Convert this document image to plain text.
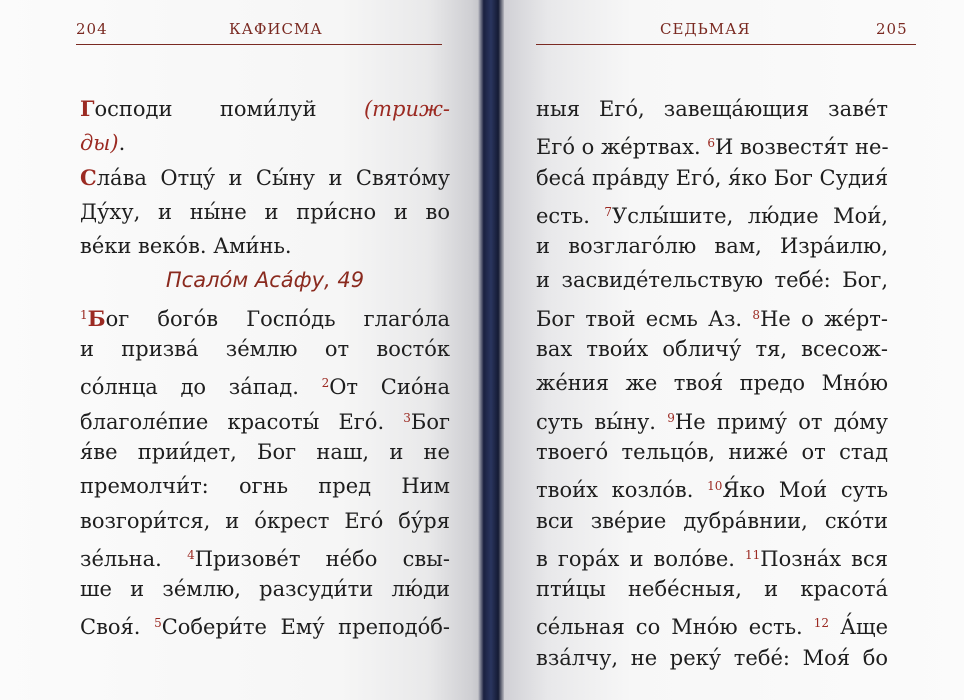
204	КАФИСМА
Господи поми́луй (триж-
ды).
Сла́ва Отцу́ и Сы́ну и Свято́му
Ду́ху, и ны́не и при́сно и во
ве́ки веко́в. Ами́нь.
Псало́м Аса́фу, 49
$^1$Бог бого́в Госпо́дь глаго́ла
и призва́ зе́млю от восто́к
со́лнца до за́пад. $^2$От Сио́на
благоле́пие красоты́ Его́. $^3$Бог
я́ве прии́дет, Бог наш, и не
премолчи́т: огнь пред Ним
возгори́тся, и о́крест Его́ бу́ря
зе́льна. $^4$Призове́т не́бо свы-
ше и зе́млю, разсуди́ти лю́ди
Своя́. $^5$Собери́те Ему́ преподо́б-
СЕДЬМАЯ	205
ныя Его́, завеща́ющия заве́т
Его́ о же́ртвах. $^6$И возвестя́т не-
беса́ пра́вду Его́, я́ко Бог Судия́
есть. $^7$Услы́шите, лю́дие Мои́,
и возглаго́лю вам, Изра́илю,
и засвиде́тельствую тебе́: Бог,
Бог твой есмь Аз. $^8$Не о же́рт-
вах твои́х обличу́ тя, всесож-
же́ния же твоя́ предо Мно́ю
суть вы́ну. $^9$Не приму́ от до́му
твоего́ тельцо́в, ниже́ от стад
твои́х козло́в. $^{10}$Я́ко Мои́ суть
вси зве́рие дубра́внии, ско́ти
в гора́х и воло́ве. $^{11}$Позна́х вся
пти́цы небе́сныя, и красота́
се́льная со Мно́ю есть. $^{12}$ А́ще
вза́лчу, не реку́ тебе́: Моя́ бо
